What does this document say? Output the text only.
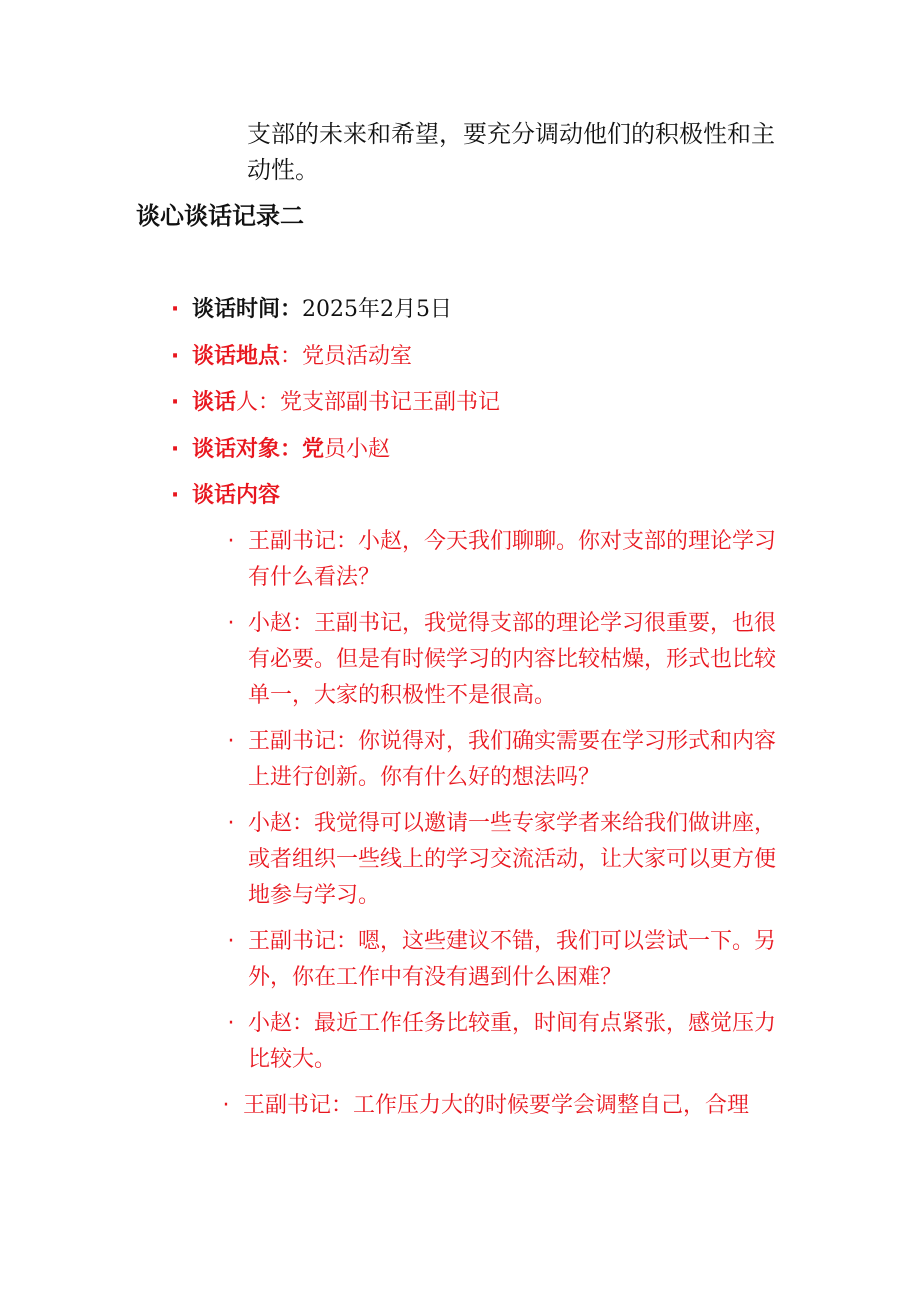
支部的未来和希望，要充分调动他们的积极性和主动性。
谈心谈话记录二
· 谈话时间：2025年2月5日
· 谈话地点：党员活动室
· 谈话人：党支部副书记王副书记
· 谈话对象：党员小赵
· 谈话内容
· 王副书记：小赵，今天我们聊聊。你对支部的理论学习有什么看法？
· 小赵：王副书记，我觉得支部的理论学习很重要，也很有必要。但是有时候学习的内容比较枯燥，形式也比较单一，大家的积极性不是很高。
· 王副书记：你说得对，我们确实需要在学习形式和内容上进行创新。你有什么好的想法吗？
· 小赵：我觉得可以邀请一些专家学者来给我们做讲座，或者组织一些线上的学习交流活动，让大家可以更方便地参与学习。
· 王副书记：嗯，这些建议不错，我们可以尝试一下。另外，你在工作中有没有遇到什么困难？
· 小赵：最近工作任务比较重，时间有点紧张，感觉压力比较大。
· 王副书记：工作压力大的时候要学会调整自己，合理
